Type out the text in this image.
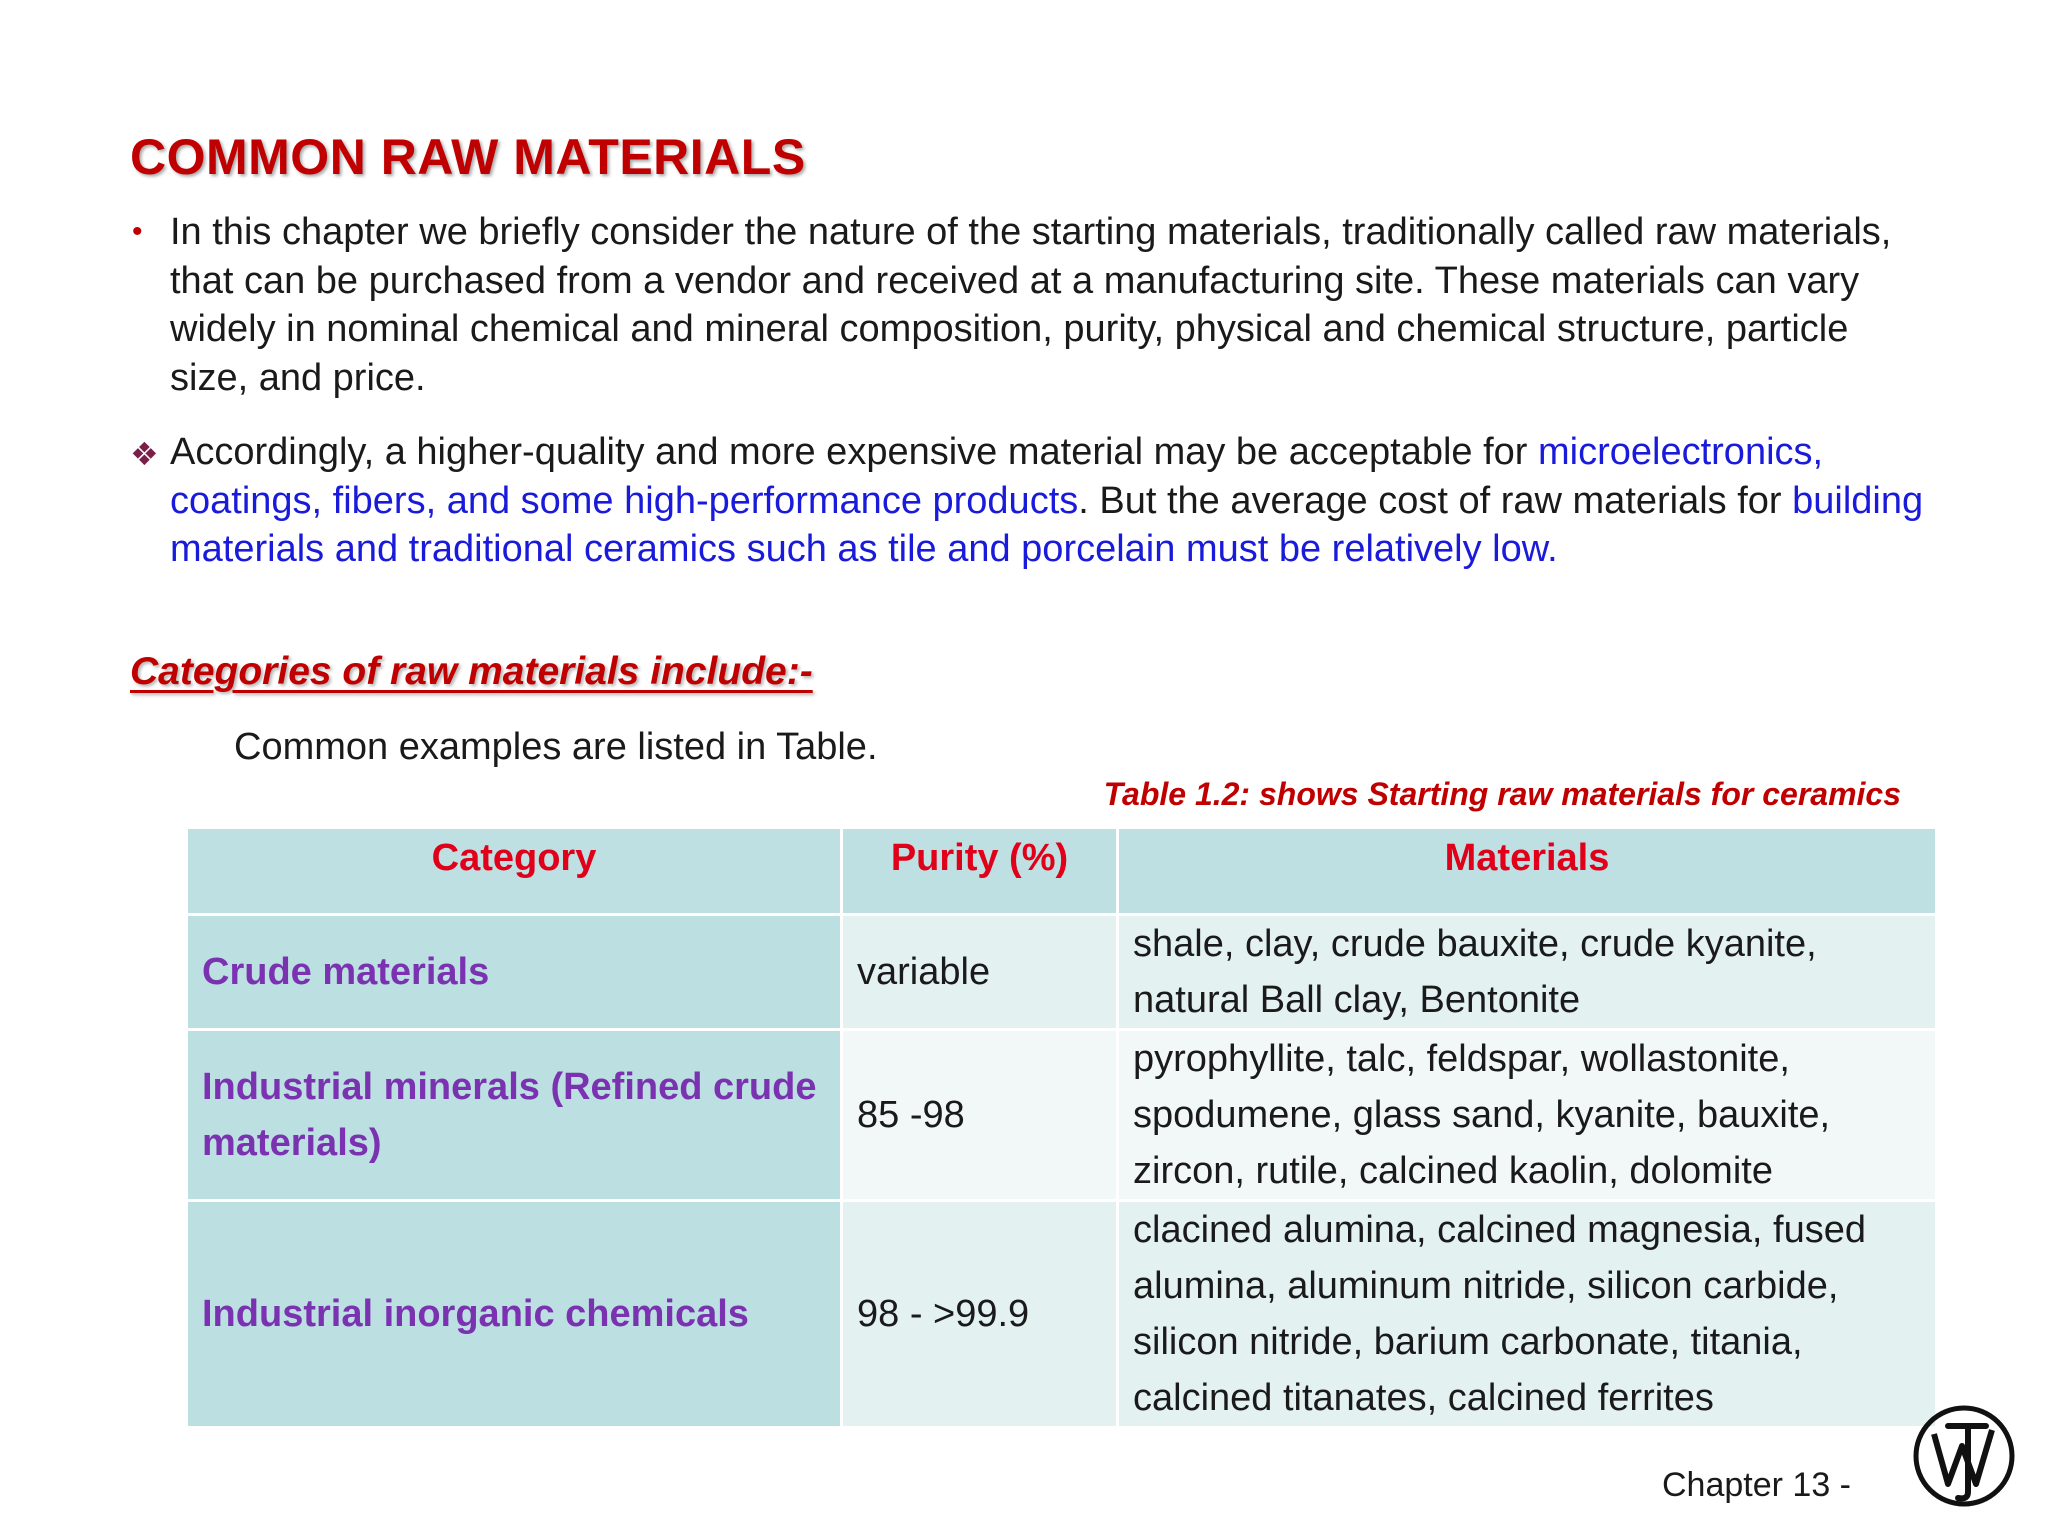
COMMON RAW MATERIALS
• In this chapter we briefly consider the nature of the starting materials, traditionally called raw materials, that can be purchased from a vendor and received at a manufacturing site. These materials can vary widely in nominal chemical and mineral composition, purity, physical and chemical structure, particle size, and price.
❖ Accordingly, a higher-quality and more expensive material may be acceptable for microelectronics, coatings, fibers, and some high-performance products. But the average cost of raw materials for building materials and traditional ceramics such as tile and porcelain must be relatively low.
Categories of raw materials include:-
Common examples are listed in Table.
Table 1.2: shows Starting raw materials for ceramics
Category	Purity (%)	Materials
Crude materials	variable	shale, clay, crude bauxite, crude kyanite, natural Ball clay, Bentonite
Industrial minerals (Refined crude materials)	85 -98	pyrophyllite, talc, feldspar, wollastonite, spodumene, glass sand, kyanite, bauxite, zircon, rutile, calcined kaolin, dolomite
Industrial inorganic chemicals	98 - >99.9	clacined alumina, calcined magnesia, fused alumina, aluminum nitride, silicon carbide, silicon nitride, barium carbonate, titania, calcined titanates, calcined ferrites
Chapter 13 -
